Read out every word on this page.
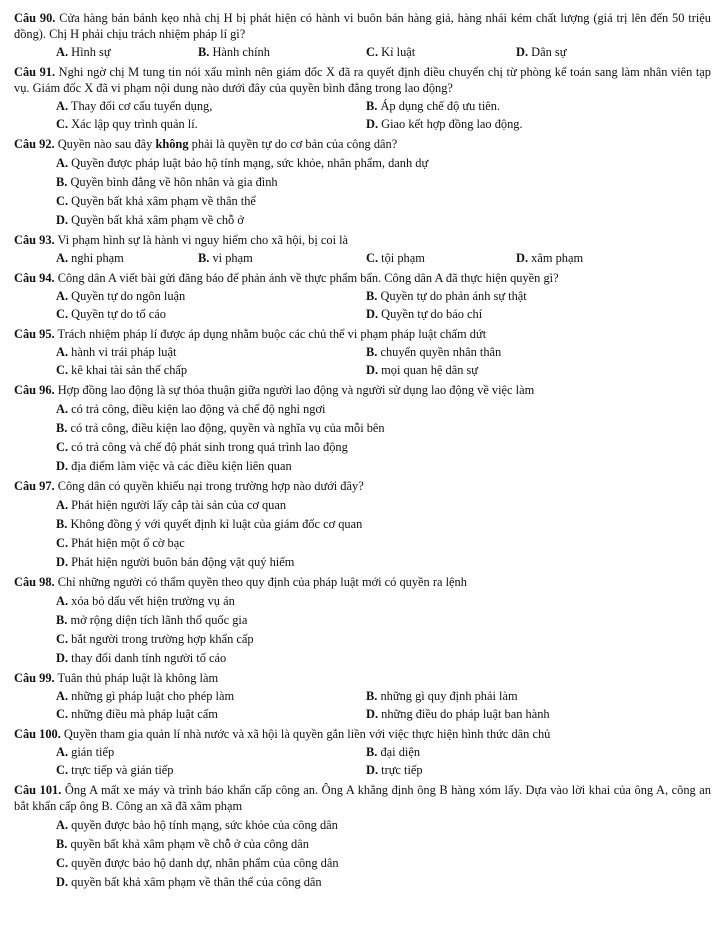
Câu 90. Cửa hàng bán bánh kẹo nhà chị H bị phát hiện có hành vi buôn bán hàng giả, hàng nhái kém chất lượng (giá trị lên đến 50 triệu đồng). Chị H phải chịu trách nhiệm pháp lí gì?
A. Hình sự	B. Hành chính	C. Kỉ luật	D. Dân sự
Câu 91. Nghi ngờ chị M tung tin nói xấu mình nên giám đốc X đã ra quyết định điều chuyển chị từ phòng kế toán sang làm nhân viên tạp vụ. Giám đốc X đã vi phạm nội dung nào dưới đây của quyền bình đẳng trong lao động?
A. Thay đổi cơ cấu tuyển dụng,	B. Áp dụng chế độ ưu tiên.
C. Xác lập quy trình quản lí.	D. Giao kết hợp đồng lao động.
Câu 92. Quyền nào sau đây không phải là quyền tự do cơ bản của công dân?
A. Quyền được pháp luật bảo hộ tính mạng, sức khỏe, nhân phẩm, danh dự
B. Quyền bình đẳng về hôn nhân và gia đình
C. Quyền bất khả xâm phạm về thân thể
D. Quyền bất khả xâm phạm về chỗ ở
Câu 93. Vi phạm hình sự là hành vi nguy hiểm cho xã hội, bị coi là
A. nghi phạm	B. vi phạm	C. tội phạm	D. xâm phạm
Câu 94. Công dân A viết bài gửi đăng báo để phản ánh về thực phẩm bẩn. Công dân A đã thực hiện quyền gì?
A. Quyền tự do ngôn luận	B. Quyền tự do phản ánh sự thật
C. Quyền tự do tố cáo	D. Quyền tự do báo chí
Câu 95. Trách nhiệm pháp lí được áp dụng nhằm buộc các chủ thể vi phạm pháp luật chấm dứt
A. hành vi trái pháp luật	B. chuyển quyền nhân thân
C. kê khai tài sản thế chấp	D. mọi quan hệ dân sự
Câu 96. Hợp đồng lao động là sự thỏa thuận giữa người lao động và người sử dụng lao động về việc làm
A. có trả công, điều kiện lao động và chế độ nghỉ ngơi
B. có trả công, điều kiện lao động, quyền và nghĩa vụ của mỗi bên
C. có trả công và chế độ phát sinh trong quá trình lao động
D. địa điểm làm việc và các điều kiện liên quan
Câu 97. Công dân có quyền khiếu nại trong trường hợp nào dưới đây?
A. Phát hiện người lấy cắp tài sản của cơ quan
B. Không đồng ý với quyết định kỉ luật của giám đốc cơ quan
C. Phát hiện một ổ cờ bạc
D. Phát hiện người buôn bán động vật quý hiếm
Câu 98. Chỉ những người có thẩm quyền theo quy định của pháp luật mới có quyền ra lệnh
A. xóa bỏ dấu vết hiện trường vụ án
B. mở rộng diện tích lãnh thổ quốc gia
C. bắt người trong trường hợp khẩn cấp
D. thay đổi danh tính người tố cáo
Câu 99. Tuân thủ pháp luật là không làm
A. những gì pháp luật cho phép làm	B. những gì quy định phải làm
C. những điều mà pháp luật cấm	D. những điều do pháp luật ban hành
Câu 100. Quyền tham gia quản lí nhà nước và xã hội là quyền gắn liền với việc thực hiện hình thức dân chủ
A. gián tiếp	B. đại diện
C. trực tiếp và gián tiếp	D. trực tiếp
Câu 101. Ông A mất xe máy và trình báo khẩn cấp công an. Ông A khẳng định ông B hàng xóm lấy. Dựa vào lời khai của ông A, công an bắt khẩn cấp ông B. Công an xã đã xâm phạm
A. quyền được bảo hộ tính mạng, sức khỏe của công dân
B. quyền bất khả xâm phạm về chỗ ở của công dân
C. quyền được bảo hộ danh dự, nhân phẩm của công dân
D. quyền bất khả xâm phạm về thân thể của công dân
